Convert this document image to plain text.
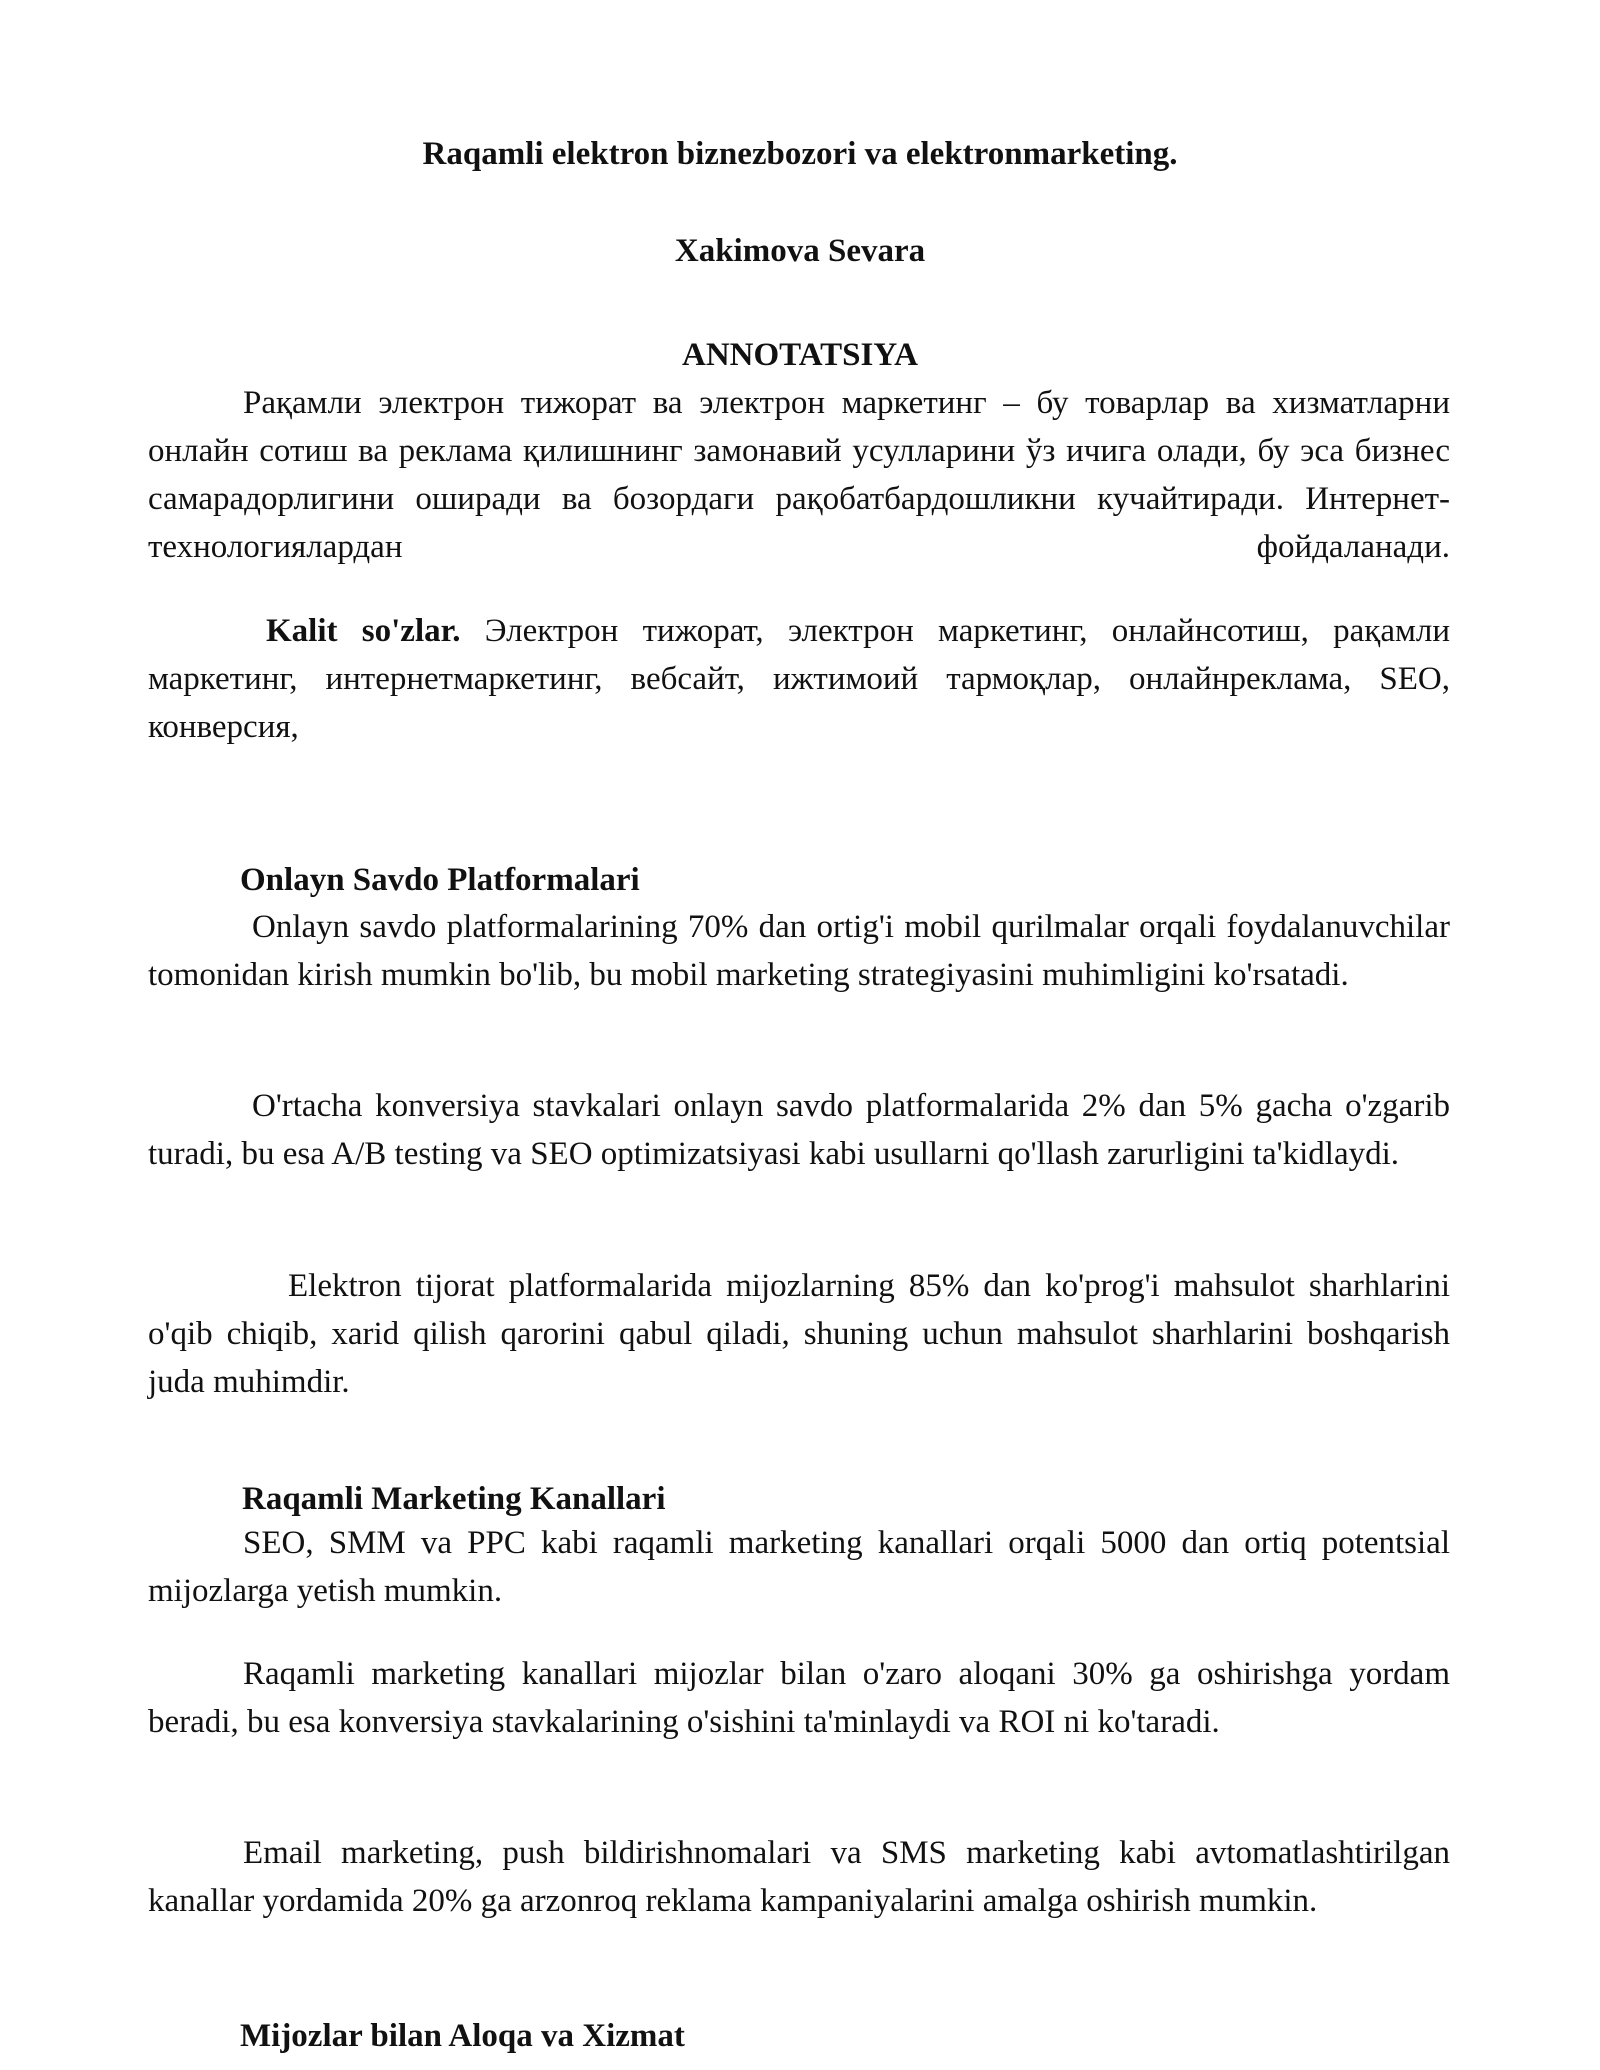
Raqamli elektron biznezbozori va elektronmarketing.

Xakimova Sevara

ANNOTATSIYA

Рақамли электрон тижорат ва электрон маркетинг – бу товарлар ва хизматларни онлайн сотиш ва реклама қилишнинг замонавий усулларини ўз ичига олади, бу эса бизнес самарадорлигини оширади ва бозордаги рақобатбардошликни кучайтиради. Интернет-технологиялардан фойдаланади.

Kalit so'zlar. Электрон тижорат, электрон маркетинг, онлайнсотиш, рақамли маркетинг, интернетмаркетинг, вебсайт, ижтимоий тармоқлар, онлайнреклама, SEO, конверсия,

Onlayn Savdo Platformalari

Onlayn savdo platformalarining 70% dan ortig'i mobil qurilmalar orqali foydalanuvchilar tomonidan kirish mumkin bo'lib, bu mobil marketing strategiyasini muhimligini ko'rsatadi.

O'rtacha konversiya stavkalari onlayn savdo platformalarida 2% dan 5% gacha o'zgarib turadi, bu esa A/B testing va SEO optimizatsiyasi kabi usullarni qo'llash zarurligini ta'kidlaydi.

Elektron tijorat platformalarida mijozlarning 85% dan ko'prog'i mahsulot sharhlarini o'qib chiqib, xarid qilish qarorini qabul qiladi, shuning uchun mahsulot sharhlarini boshqarish juda muhimdir.

Raqamli Marketing Kanallari

SEO, SMM va PPC kabi raqamli marketing kanallari orqali 5000 dan ortiq potentsial mijozlarga yetish mumkin.

Raqamli marketing kanallari mijozlar bilan o'zaro aloqani 30% ga oshirishga yordam beradi, bu esa konversiya stavkalarining o'sishini ta'minlaydi va ROI ni ko'taradi.

Email marketing, push bildirishnomalari va SMS marketing kabi avtomatlashtirilgan kanallar yordamida 20% ga arzonroq reklama kampaniyalarini amalga oshirish mumkin.

Mijozlar bilan Aloqa va Xizmat
